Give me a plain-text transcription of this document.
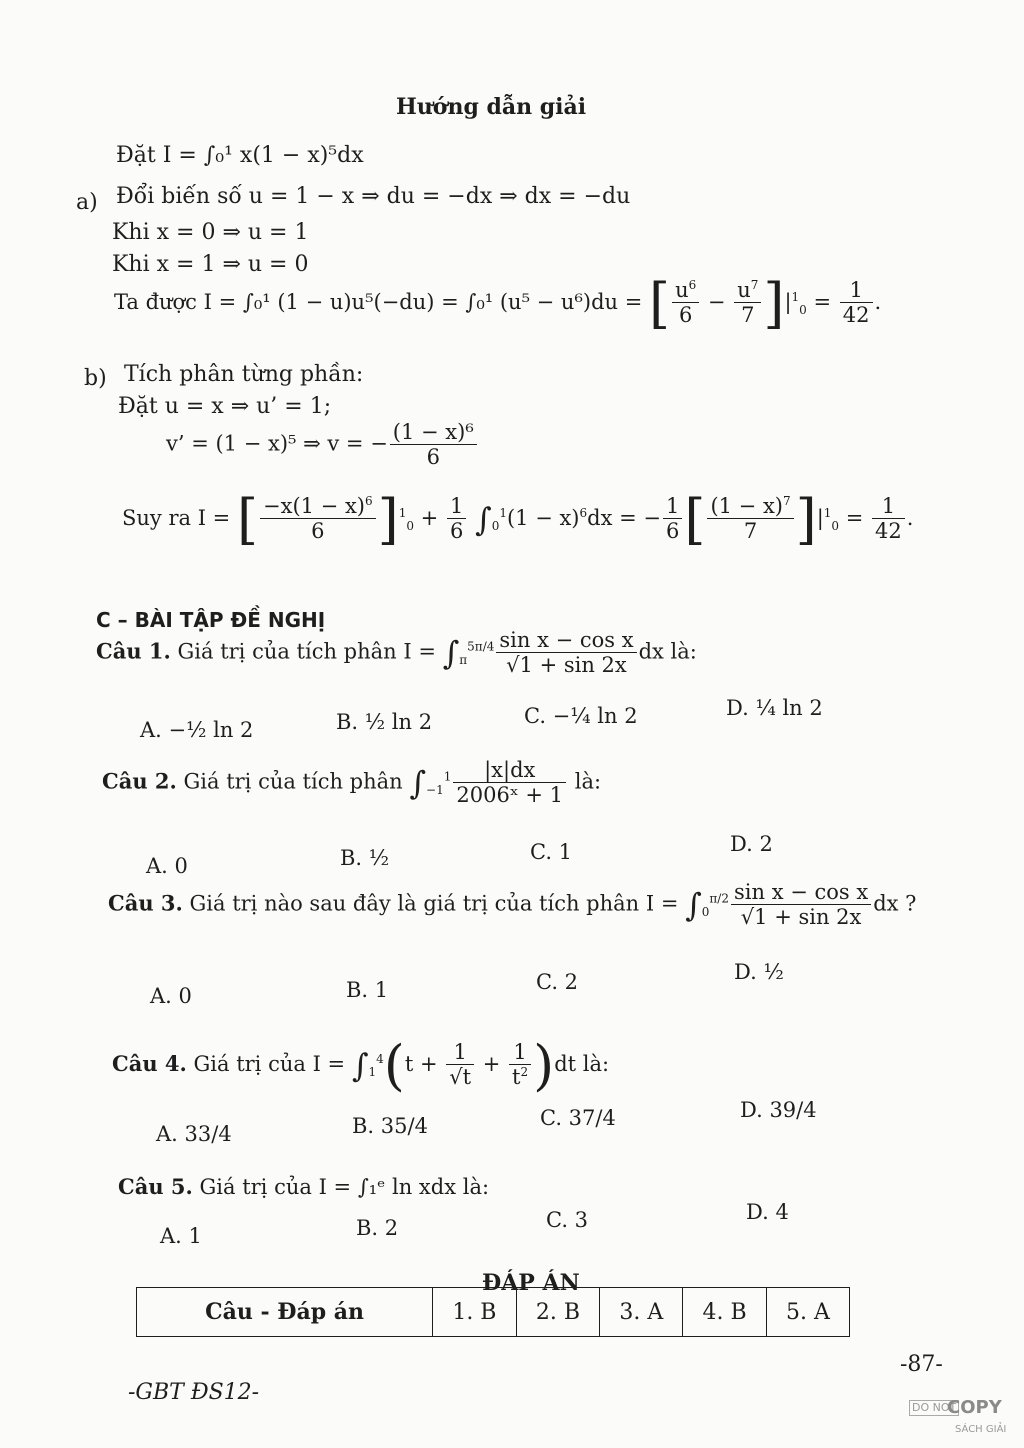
Hướng dẫn giải
Đặt I = ∫₀¹ x(1 − x)⁵dx
a) Đổi biến số u = 1 − x ⇒ du = −dx ⇒ dx = −du
Khi x = 0 ⇒ u = 1
Khi x = 1 ⇒ u = 0
Ta được I = ∫₀¹ (1 − u)u⁵(−du) = ∫₀¹ (u⁵ − u⁶)du = [ $\frac{u^6}{6} - \frac{u^7}{7} ]|^1_0 = \frac{1}{42}$ .
b) Tích phân từng phần:
Đặt u = x ⇒ u’ = 1;
v’ = (1 − x)⁵ ⇒ v = − $\frac{\text{(1 − x)⁶}}{6}$
Suy ra I = [ $\frac{-x(1 - x)^6}{6} ]^1_0 + \frac{1}{6} \int_0^1(1 - x)^6dx$ = − $\frac{1}{6}$ [ $\frac{(1 - x)^7}{7} ]|^1_0 = \frac{1}{42}$ .
C – BÀI TẬP ĐỀ NGHỊ
Câu 1. Giá trị của tích phân $I = \int_\pi^{5\pi/4} \frac{\text{sin x − cos x}}{√1 + \sin 2x}$ dx là:
A. −½ ln 2	B. ½ ln 2	C. −¼ ln 2	D. ¼ ln 2
Câu 2. Giá trị của tích phân $\int_{-1}^1 \frac{|x|dx}{\text{2006ˣ + 1}}$ là:
A. 0	B. ½	C. 1	D. 2
Câu 3. Giá trị nào sau đây là giá trị của tích phân $I = \int_0^{\pi/2} \frac{\text{sin x − cos x}}{√1 + \sin 2x}$ dx ?
A. 0	B. 1	C. 2	D. ½
Câu 4. Giá trị của $I = \int_1^4(t + \frac{1}{√t} + \frac{1}{t^2} )dt$ là:
A. 33/4	B. 35/4	C. 37/4	D. 39/4
Câu 5. Giá trị của I = ∫₁ᵉ ln xdx là:
A. 1	B. 2	C. 3	D. 4
ĐÁP ÁN
Câu - Đáp án	1. B	2. B	3. A	4. B	5. A
-87-
-GBT ĐS12-
DO NOT
COPY
SÁCH GIẢI
